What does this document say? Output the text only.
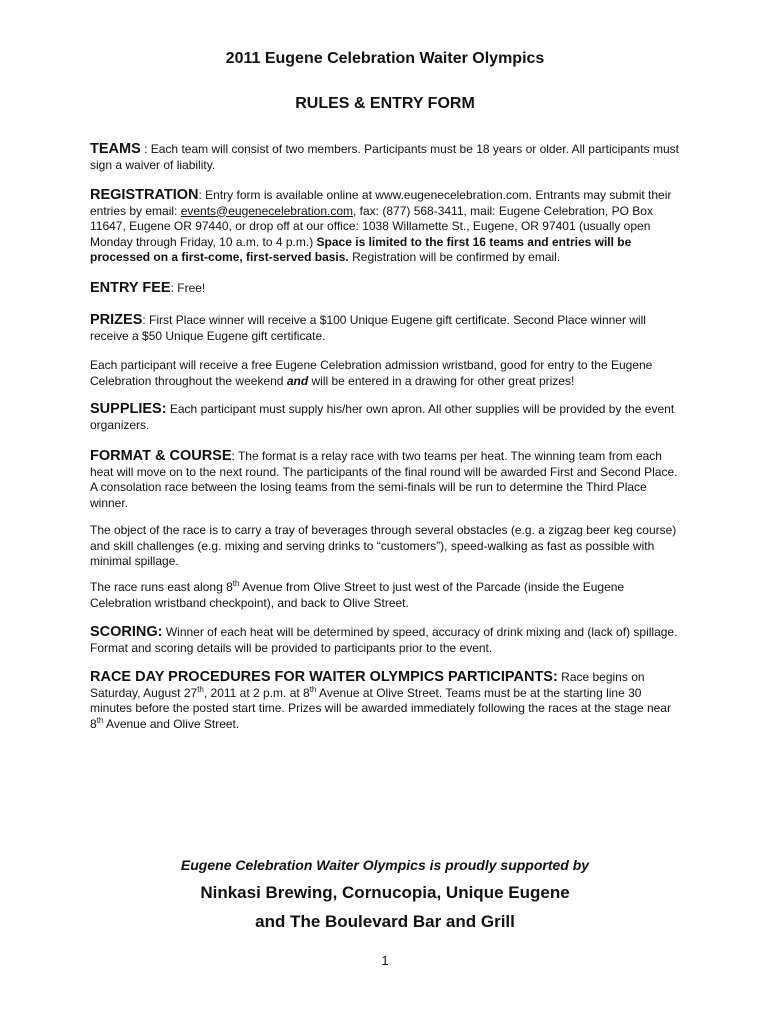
2011 Eugene Celebration Waiter Olympics
RULES & ENTRY FORM
TEAMS : Each team will consist of two members. Participants must be 18 years or older. All participants must sign a waiver of liability.
REGISTRATION: Entry form is available online at www.eugenecelebration.com. Entrants may submit their entries by email: events@eugenecelebration.com, fax: (877) 568-3411, mail: Eugene Celebration, PO Box 11647, Eugene OR 97440, or drop off at our office: 1038 Willamette St., Eugene, OR 97401 (usually open Monday through Friday, 10 a.m. to 4 p.m.) Space is limited to the first 16 teams and entries will be processed on a first-come, first-served basis. Registration will be confirmed by email.
ENTRY FEE: Free!
PRIZES: First Place winner will receive a $100 Unique Eugene gift certificate. Second Place winner will receive a $50 Unique Eugene gift certificate.
Each participant will receive a free Eugene Celebration admission wristband, good for entry to the Eugene Celebration throughout the weekend and will be entered in a drawing for other great prizes!
SUPPLIES: Each participant must supply his/her own apron. All other supplies will be provided by the event organizers.
FORMAT & COURSE: The format is a relay race with two teams per heat. The winning team from each heat will move on to the next round. The participants of the final round will be awarded First and Second Place. A consolation race between the losing teams from the semi-finals will be run to determine the Third Place winner.
The object of the race is to carry a tray of beverages through several obstacles (e.g. a zigzag beer keg course) and skill challenges (e.g. mixing and serving drinks to “customers”), speed-walking as fast as possible with minimal spillage.
The race runs east along 8th Avenue from Olive Street to just west of the Parcade (inside the Eugene Celebration wristband checkpoint), and back to Olive Street.
SCORING: Winner of each heat will be determined by speed, accuracy of drink mixing and (lack of) spillage. Format and scoring details will be provided to participants prior to the event.
RACE DAY PROCEDURES FOR WAITER OLYMPICS PARTICIPANTS: Race begins on Saturday, August 27th, 2011 at 2 p.m. at 8th Avenue at Olive Street. Teams must be at the starting line 30 minutes before the posted start time. Prizes will be awarded immediately following the races at the stage near 8th Avenue and Olive Street.
Eugene Celebration Waiter Olympics is proudly supported by
Ninkasi Brewing, Cornucopia, Unique Eugene
and The Boulevard Bar and Grill
1
